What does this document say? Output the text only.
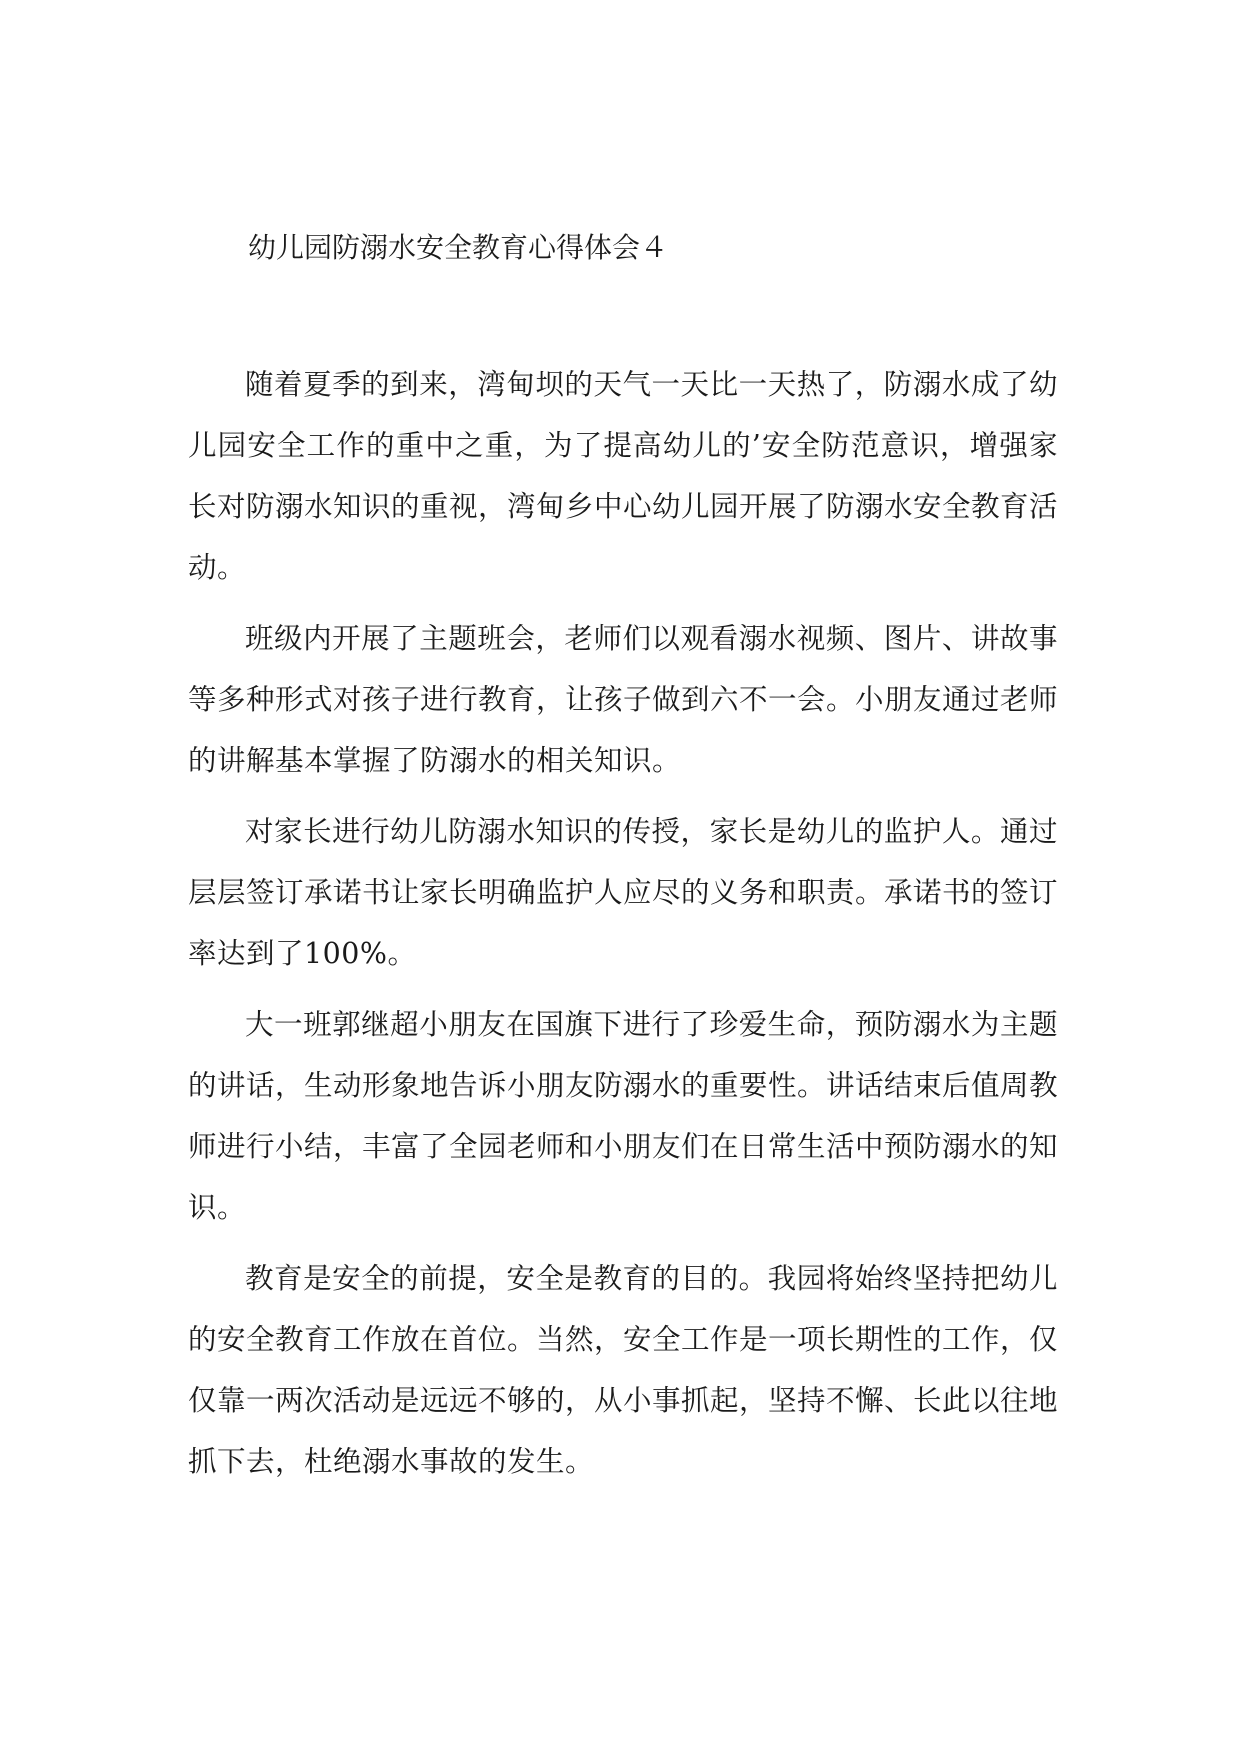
幼儿园防溺水安全教育心得体会４

随着夏季的到来，湾甸坝的天气一天比一天热了，防溺水成了幼儿园安全工作的重中之重，为了提高幼儿的’安全防范意识，增强家长对防溺水知识的重视，湾甸乡中心幼儿园开展了防溺水安全教育活动。

班级内开展了主题班会，老师们以观看溺水视频、图片、讲故事等多种形式对孩子进行教育，让孩子做到六不一会。小朋友通过老师的讲解基本掌握了防溺水的相关知识。

对家长进行幼儿防溺水知识的传授，家长是幼儿的监护人。通过层层签订承诺书让家长明确监护人应尽的义务和职责。承诺书的签订率达到了100%。

大一班郭继超小朋友在国旗下进行了珍爱生命，预防溺水为主题的讲话，生动形象地告诉小朋友防溺水的重要性。讲话结束后值周教师进行小结，丰富了全园老师和小朋友们在日常生活中预防溺水的知识。

教育是安全的前提，安全是教育的目的。我园将始终坚持把幼儿的安全教育工作放在首位。当然，安全工作是一项长期性的工作，仅仅靠一两次活动是远远不够的，从小事抓起，坚持不懈、长此以往地抓下去，杜绝溺水事故的发生。
